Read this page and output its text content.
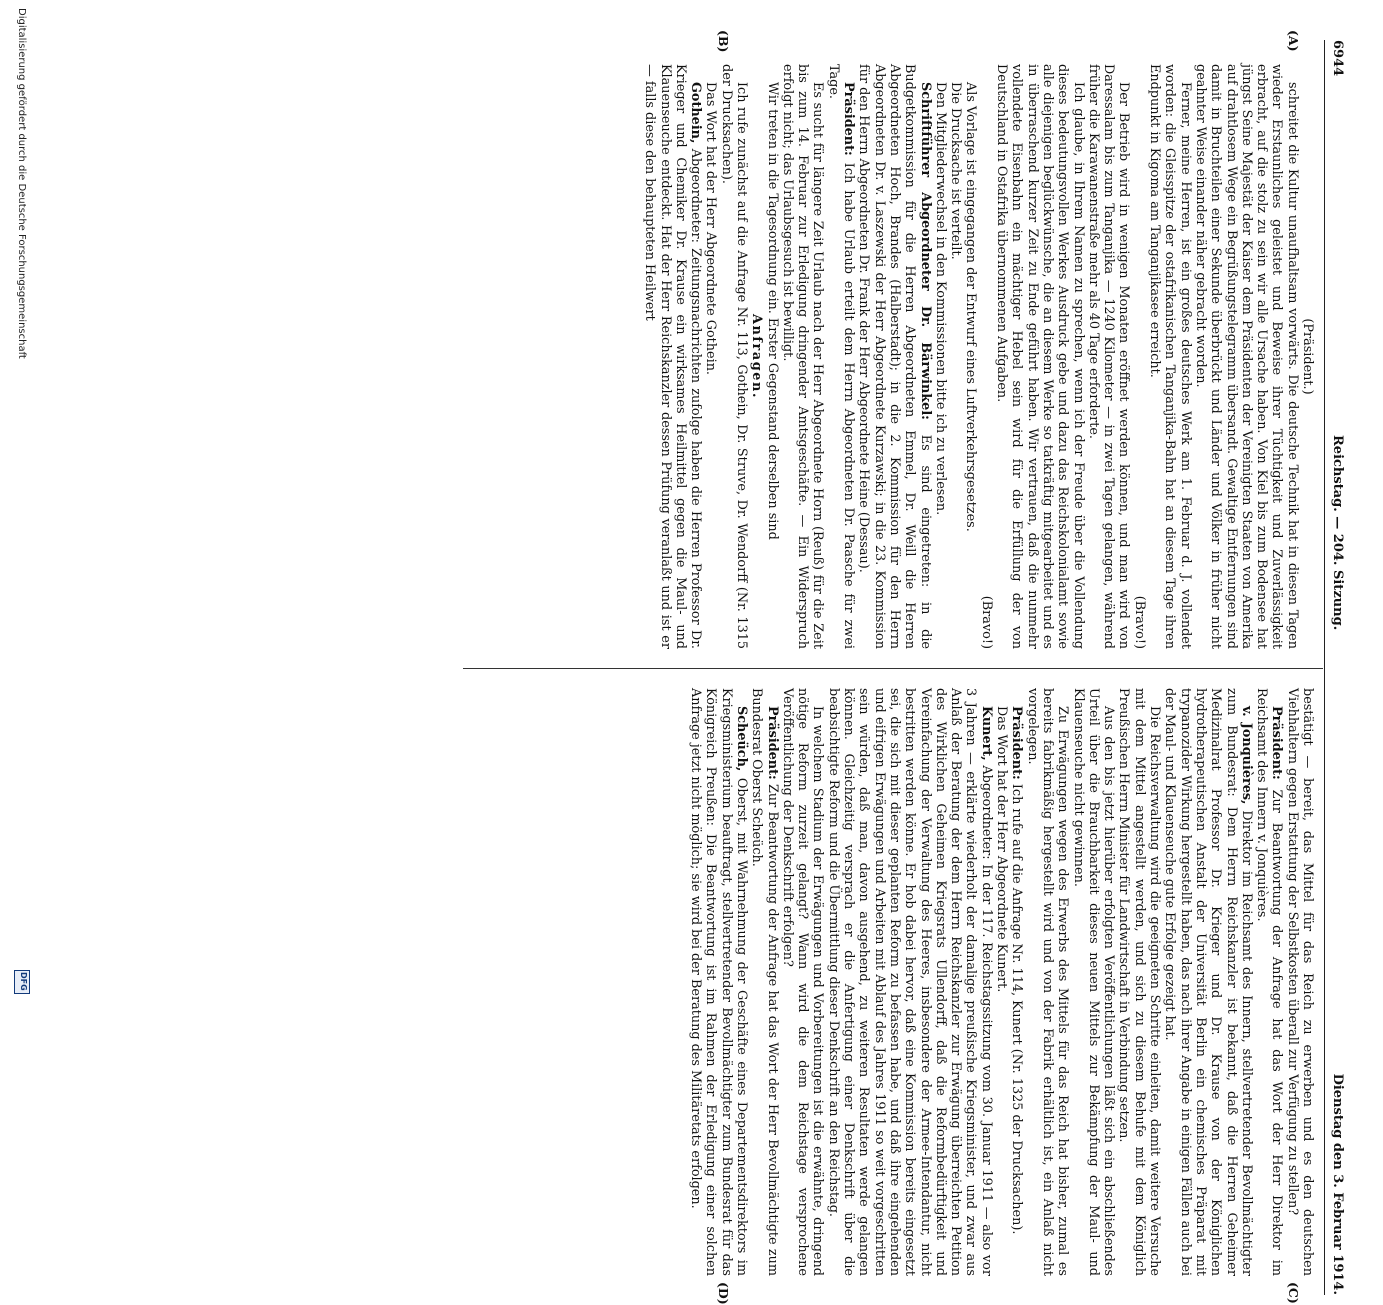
6944
Reichstag. — 204. Sitzung.
Dienstag den 3. Februar 1914.
(A)
(B)
(C)
(D)

(Präsident.)

schreitet die Kultur unaufhaltsam vorwärts. Die deutsche Technik hat in diesen Tagen wieder Erstaunliches geleistet und Beweise ihrer Tüchtigkeit und Zuverlässigkeit erbracht, auf die stolz zu sein wir alle Ursache haben. Von Kiel bis zum Bodensee hat jüngst Seine Majestät der Kaiser dem Präsidenten der Vereinigten Staaten von Amerika auf drahtlosem Wege ein Begrüßungstelegramm übersandt. Gewaltige Entfernungen sind damit in Bruchteilen einer Sekunde überbrückt und Länder und Völker in früher nicht geahnter Weise einander näher gebracht worden.

Ferner, meine Herren, ist ein großes deutsches Werk am 1. Februar d. J. vollendet worden: die Gleisspitze der ostafrikanischen Tanganjika-Bahn hat an diesem Tage ihren Endpunkt in Kigoma am Tanganjikasee erreicht.

(Bravo!)

Der Betrieb wird in wenigen Monaten eröffnet werden können, und man wird von Daressalam bis zum Tanganjika — 1240 Kilometer — in zwei Tagen gelangen, während früher die Karawanenstraße mehr als 40 Tage erforderte.

Ich glaube, in Ihrem Namen zu sprechen, wenn ich der Freude über die Vollendung dieses bedeutungsvollen Werkes Ausdruck gebe und dazu das Reichskolonialamt sowie alle diejenigen beglückwünsche, die an diesem Werke so tatkräftig mitgearbeitet und es in überraschend kurzer Zeit zu Ende geführt haben. Wir vertrauen, daß die nunmehr vollendete Eisenbahn ein mächtiger Hebel sein wird für die Erfüllung der von Deutschland in Ostafrika übernommenen Aufgaben.

(Bravo!)

Als Vorlage ist eingegangen der Entwurf eines Luftverkehrsgesetzes.

Die Drucksache ist verteilt.

Den Mitgliederwechsel in den Kommissionen bitte ich zu verlesen.

Schriftführer Abgeordneter Dr. Bärwinkel: Es sind eingetreten: in die Budgetkommission für die Herren Abgeordneten Emmel, Dr. Weill die Herren Abgeordneten Hoch, Brandes (Halberstadt); in die 2. Kommission für den Herrn Abgeordneten Dr. v. Laszewski der Herr Abgeordnete Kurzawski; in die 23. Kommission für den Herrn Abgeordneten Dr. Frank der Herr Abgeordnete Heine (Dessau).

Präsident: Ich habe Urlaub erteilt dem Herrn Abgeordneten Dr. Paasche für zwei Tage.

Es sucht für längere Zeit Urlaub nach der Herr Abgeordnete Horn (Reuß) für die Zeit bis zum 14. Februar zur Erledigung dringender Amtsgeschäfte. — Ein Widerspruch erfolgt nicht; das Urlaubsgesuch ist bewilligt.

Wir treten in die Tagesordnung ein. Erster Gegenstand derselben sind

Anfragen.

Ich rufe zunächst auf die Anfrage Nr. 113, Gothein, Dr. Struve, Dr. Wendorff (Nr. 1315 der Drucksachen).

Das Wort hat der Herr Abgeordnete Gothein.

Gothein, Abgeordneter: Zeitungsnachrichten zufolge haben die Herren Professor Dr. Krieger und Chemiker Dr. Krause ein wirksames Heilmittel gegen die Maul- und Klauenseuche entdeckt. Hat der Herr Reichskanzler dessen Prüfung veranlaßt und ist er — falls diese den behaupteten Heilwert

bestätigt — bereit, das Mittel für das Reich zu erwerben und es den deutschen Viehhaltern gegen Erstattung der Selbstkosten überall zur Verfügung zu stellen?

Präsident: Zur Beantwortung der Anfrage hat das Wort der Herr Direktor im Reichsamt des Innern v. Jonquières.

v. Jonquières, Direktor im Reichsamt des Innern, stellvertretender Bevollmächtigter zum Bundesrat: Dem Herrn Reichskanzler ist bekannt, daß die Herren Geheimer Medizinalrat Professor Dr. Krieger und Dr. Krause von der Königlichen hydrotherapeutischen Anstalt der Universität Berlin ein chemisches Präparat mit trypanozider Wirkung hergestellt haben, das nach ihrer Angabe in einigen Fällen auch bei der Maul- und Klauenseuche gute Erfolge gezeigt hat.

Die Reichsverwaltung wird die geeigneten Schritte einleiten, damit weitere Versuche mit dem Mittel angestellt werden, und sich zu diesem Behufe mit dem Königlich Preußischen Herrn Minister für Landwirtschaft in Verbindung setzen.

Aus den bis jetzt hierüber erfolgten Veröffentlichungen läßt sich ein abschließendes Urteil über die Brauchbarkeit dieses neuen Mittels zur Bekämpfung der Maul- und Klauenseuche nicht gewinnen.

Zu Erwägungen wegen des Erwerbs des Mittels für das Reich hat bisher, zumal es bereits fabrikmäßig hergestellt wird und von der Fabrik erhältlich ist, ein Anlaß nicht vorgelegen.

Präsident: Ich rufe auf die Anfrage Nr. 114, Kunert (Nr. 1325 der Drucksachen).

Das Wort hat der Herr Abgeordnete Kunert.

Kunert, Abgeordneter: In der 117. Reichstagssitzung vom 30. Januar 1911 — also vor 3 Jahren — erklärte wiederholt der damalige preußische Kriegsminister, und zwar aus Anlaß der Beratung der dem Herrn Reichskanzler zur Erwägung überreichten Petition des Wirklichen Geheimen Kriegsrats Ullendorff, daß die Reformbedürftigkeit und Vereinfachung der Verwaltung des Heeres, insbesondere der Armee-Intendantur, nicht bestritten werden könne. Er hob dabei hervor, daß eine Kommission bereits eingesetzt sei, die sich mit dieser geplanten Reform zu befassen habe, und daß ihre eingehenden und eifrigen Erwägungen und Arbeiten mit Ablauf des Jahres 1911 so weit vorgeschritten sein würden, daß man, davon ausgehend, zu weiteren Resultaten werde gelangen können. Gleichzeitig versprach er die Anfertigung einer Denkschrift über die beabsichtigte Reform und die Übermittlung dieser Denkschrift an den Reichstag.

In welchem Stadium der Erwägungen und Vorbereitungen ist die erwähnte, dringend nötige Reform zurzeit gelangt? Wann wird die dem Reichstage versprochene Veröffentlichung der Denkschrift erfolgen?

Präsident: Zur Beantwortung der Anfrage hat das Wort der Herr Bevollmächtigte zum Bundesrat Oberst Scheüch.

Scheüch, Oberst, mit Wahrnehmung der Geschäfte eines Departementsdirektors im Kriegsministerium beauftragt, stellvertretender Bevollmächtigter zum Bundesrat für das Königreich Preußen: Die Beantwortung ist im Rahmen der Erledigung einer solchen Anfrage jetzt nicht möglich; sie wird bei der Beratung des Militäretats erfolgen.

Digitalisierung gefördert durch die Deutsche Forschungsgemeinschaft
DFG
